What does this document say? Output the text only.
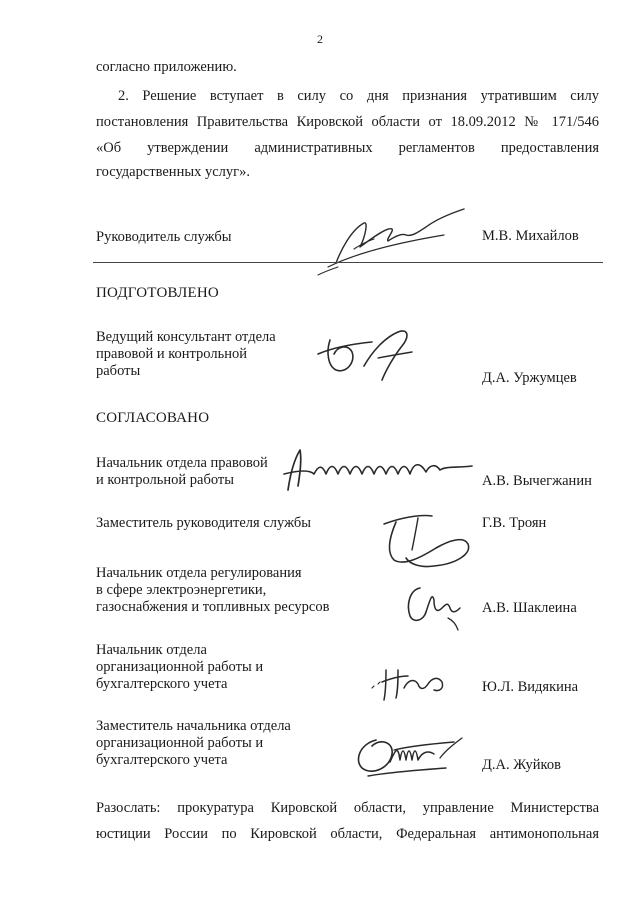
2
согласно приложению.
2. Решение вступает в силу со дня признания утратившим силу
постановления Правительства Кировской области от 18.09.2012 № 171/546
«Об утверждении административных регламентов предоставления
государственных услуг».
Руководитель службы	М.В. Михайлов
ПОДГОТОВЛЕНО
Ведущий консультант отдела
правовой и контрольной
работы	Д.А. Уржумцев
СОГЛАСОВАНО
Начальник отдела правовой
и контрольной работы	А.В. Вычегжанин
Заместитель руководителя службы	Г.В. Троян
Начальник отдела регулирования
в сфере электроэнергетики,
газоснабжения и топливных ресурсов	А.В. Шаклеина
Начальник отдела
организационной работы и
бухгалтерского учета	Ю.Л. Видякина
Заместитель начальника отдела
организационной работы и
бухгалтерского учета	Д.А. Жуйков
Разослать: прокуратура Кировской области, управление Министерства
юстиции России по Кировской области, Федеральная антимонопольная
